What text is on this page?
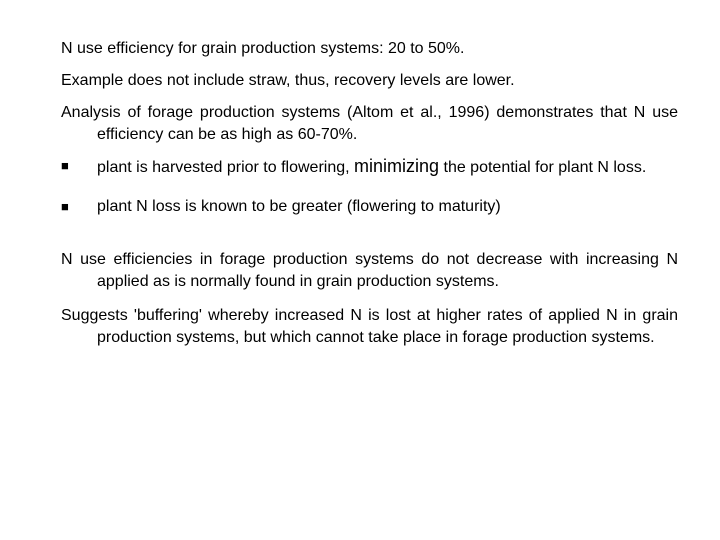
N use efficiency for grain production systems: 20 to 50%.

Example does not include straw, thus, recovery levels are lower.

Analysis of forage production systems (Altom et al., 1996) demonstrates that N use efficiency can be as high as 60-70%.

■ plant is harvested prior to flowering, minimizing the potential for plant N loss.
■ plant N loss is known to be greater (flowering to maturity)

N use efficiencies in forage production systems do not decrease with increasing N applied as is normally found in grain production systems.

Suggests 'buffering' whereby increased N is lost at higher rates of applied N in grain production systems, but which cannot take place in forage production systems.
